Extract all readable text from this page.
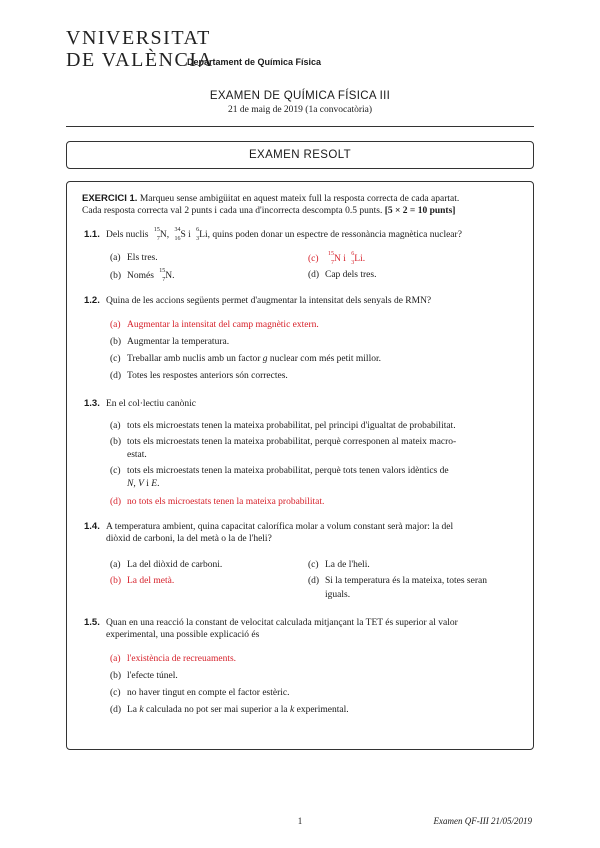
VNIVERSITAT
DE VALÈNCIA
Departament de Química Física
EXAMEN DE QUÍMICA FÍSICA III
21 de maig de 2019 (1a convocatòria)
EXAMEN RESOLT
EXERCICI 1. Marqueu sense ambigüitat en aquest mateix full la resposta correcta de cada apartat.
Cada resposta correcta val 2 punts i cada una d'incorrecta descompta 0.5 punts. [5 × 2 = 10 punts]
1.1. Dels nuclis 15
7 N, 34
16 S i 6
3 Li, quins poden donar un espectre de ressonància magnètica nuclear?
(a) Els tres.	(c) 15
7 N i 6
3 Li.
(b) Només 15
7 N.	(d) Cap dels tres.
1.2. Quina de les accions següents permet d'augmentar la intensitat dels senyals de RMN?
(a) Augmentar la intensitat del camp magnètic extern.
(b) Augmentar la temperatura.
(c) Treballar amb nuclis amb un factor g nuclear com més petit millor.
(d) Totes les respostes anteriors són correctes.
1.3. En el col·lectiu canònic
(a) tots els microestats tenen la mateixa probabilitat, pel principi d'igualtat de probabilitat.
(b) tots els microestats tenen la mateixa probabilitat, perquè corresponen al mateix macro-
estat.
(c) tots els microestats tenen la mateixa probabilitat, perquè tots tenen valors idèntics de
N, V i E.
(d) no tots els microestats tenen la mateixa probabilitat.
1.4. A temperatura ambient, quina capacitat calorífica molar a volum constant serà major: la del
diòxid de carboni, la del metà o la de l'heli?
(a) La del diòxid de carboni.	(c) La de l'heli.
(b) La del metà.	(d) Si la temperatura és la mateixa, totes seran
iguals.
1.5. Quan en una reacció la constant de velocitat calculada mitjançant la TET és superior al valor
experimental, una possible explicació és
(a) l'existència de recreuaments.
(b) l'efecte túnel.
(c) no haver tingut en compte el factor estèric.
(d) La k calculada no pot ser mai superior a la k experimental.
1	Examen QF-III 21/05/2019
